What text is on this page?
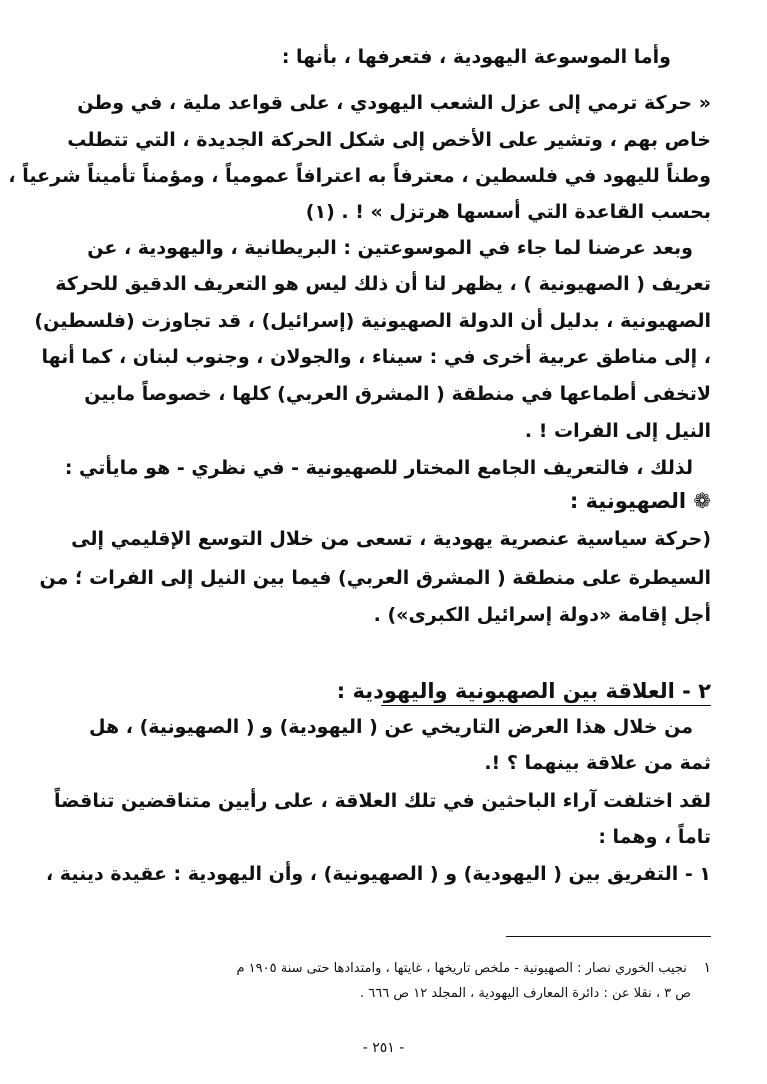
وأما الموسوعة اليهودية ، فتعرفها ، بأنها :
« حركة ترمي إلى عزل الشعب اليهودي ، على قواعد ملية ، في وطن
خاص بهم ، وتشير على الأخص إلى شكل الحركة الجديدة ، التي تتطلب
وطناً لليهود في فلسطين ، معترفاً به اعترافاً عمومياً ، ومؤمناً تأميناً شرعياً ،
بحسب القاعدة التي أسسها هرتزل » ! . (١)
وبعد عرضنا لما جاء في الموسوعتين : البريطانية ، واليهودية ، عن
تعريف ( الصهيونية ) ، يظهر لنا أن ذلك ليس هو التعريف الدقيق للحركة
الصهيونية ، بدليل أن الدولة الصهيونية (إسرائيل) ، قد تجاوزت (فلسطين)
، إلى مناطق عربية أخرى في : سيناء ، والجولان ، وجنوب لبنان ، كما أنها
لاتخفى أطماعها في منطقة ( المشرق العربي) كلها ، خصوصاً مابين
النيل إلى الفرات ! .
لذلك ، فالتعريف الجامع المختار للصهيونية - في نظري - هو مايأتي :
❁ الصهيونية :
(حركة سياسية عنصرية يهودية ، تسعى من خلال التوسع الإقليمي إلى
السيطرة على منطقة ( المشرق العربي) فيما بين النيل إلى الفرات ؛ من
أجل إقامة «دولة إسرائيل الكبرى») .
٢ - العلاقة بين الصهيونية واليهودية :
من خلال هذا العرض التاريخي عن ( اليهودية) و ( الصهيونية) ، هل
ثمة من علاقة بينهما ؟ !.
لقد اختلفت آراء الباحثين في تلك العلاقة ، على رأيين متناقضين تناقضاً
تاماً ، وهما :
١ - التفريق بين ( اليهودية) و ( الصهيونية) ، وأن اليهودية : عقيدة دينية ،
١    نجيب الخوري نصار : الصهيونية - ملخص تاريخها ، غايتها ، وامتدادها حتى سنة ١٩٠٥ م
ص ٣ ، نقلا عن : دائرة المعارف اليهودية ، المجلد ١٢ ص ٦٦٦ .
- ٢٥١ -
